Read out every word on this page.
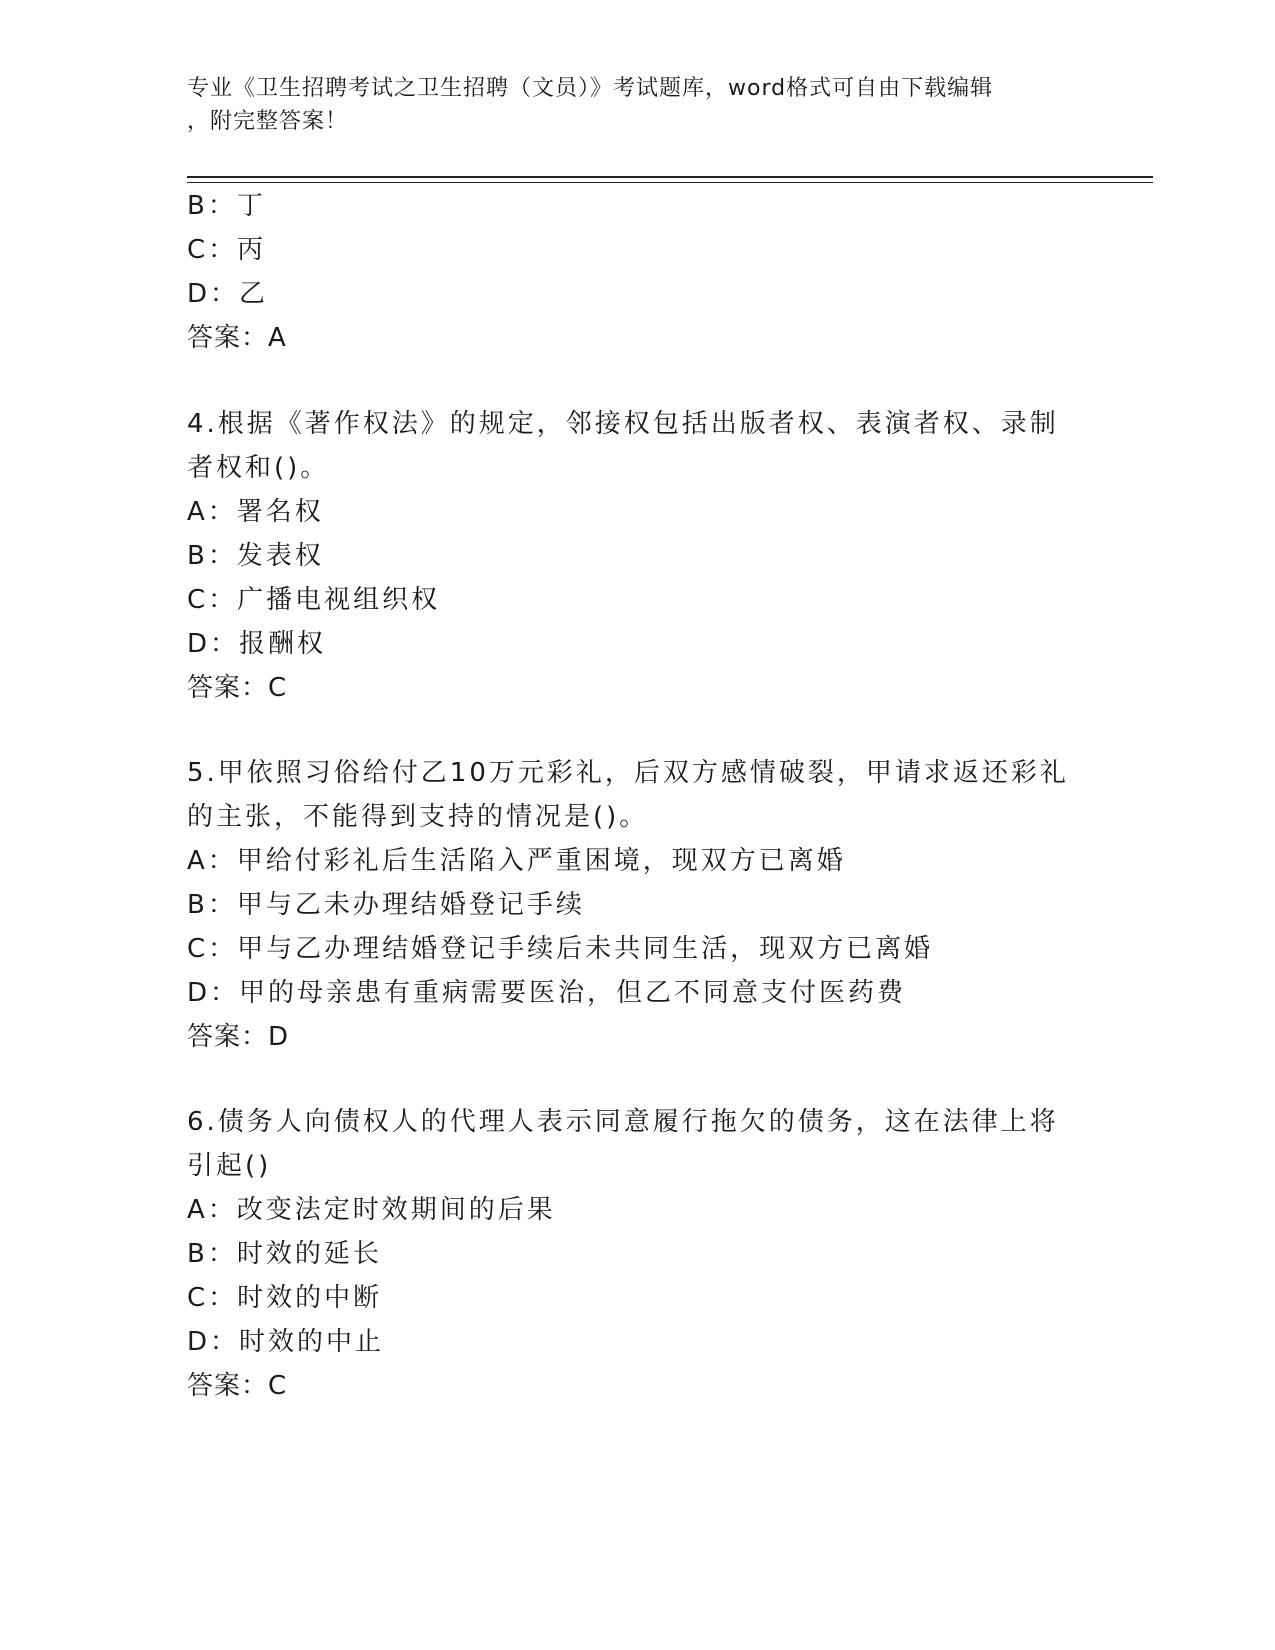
专业《卫生招聘考试之卫生招聘（文员）》考试题库，word格式可自由下载编辑
，附完整答案！
B：丁
C：丙
D：乙
答案：A
4.根据《著作权法》的规定，邻接权包括出版者权、表演者权、录制
者权和()。
A：署名权
B：发表权
C：广播电视组织权
D：报酬权
答案：C
5.甲依照习俗给付乙10万元彩礼，后双方感情破裂，甲请求返还彩礼
的主张，不能得到支持的情况是()。
A：甲给付彩礼后生活陷入严重困境，现双方已离婚
B：甲与乙未办理结婚登记手续
C：甲与乙办理结婚登记手续后未共同生活，现双方已离婚
D：甲的母亲患有重病需要医治，但乙不同意支付医药费
答案：D
6.债务人向债权人的代理人表示同意履行拖欠的债务，这在法律上将
引起()
A：改变法定时效期间的后果
B：时效的延长
C：时效的中断
D：时效的中止
答案：C
